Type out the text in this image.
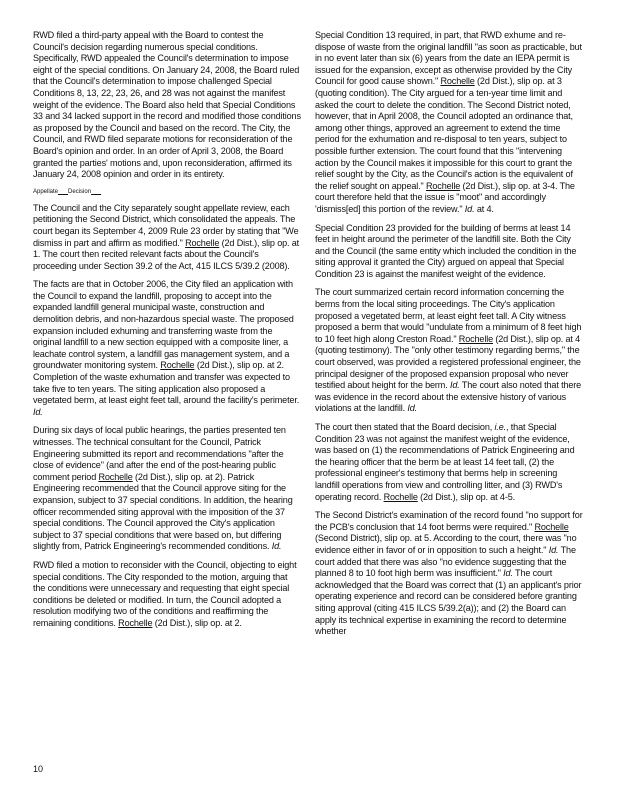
RWD filed a third-party appeal with the Board to contest the Council's decision regarding numerous special conditions. Specifically, RWD appealed the Council's determination to impose eight of the special conditions. On January 24, 2008, the Board ruled that the Council's determination to impose challenged Special Conditions 8, 13, 22, 23, 26, and 28 was not against the manifest weight of the evidence. The Board also held that Special Conditions 33 and 34 lacked support in the record and modified those conditions as proposed by the Council and based on the record. The City, the Council, and RWD filed separate motions for reconsideration of the Board's opinion and order. In an order of April 3, 2008, the Board granted the parties' motions and, upon reconsideration, affirmed its January 24, 2008 opinion and order in its entirety.

Appellate Decision

The Council and the City separately sought appellate review, each petitioning the Second District, which consolidated the appeals. The court began its September 4, 2009 Rule 23 order by stating that "We dismiss in part and affirm as modified." Rochelle (2d Dist.), slip op. at 1. The court then recited relevant facts about the Council's proceeding under Section 39.2 of the Act, 415 ILCS 5/39.2 (2008).

The facts are that in October 2006, the City filed an application with the Council to expand the landfill, proposing to accept into the expanded landfill general municipal waste, construction and demolition debris, and non-hazardous special waste. The proposed expansion included exhuming and transferring waste from the original landfill to a new section equipped with a composite liner, a leachate control system, a landfill gas management system, and a groundwater monitoring system. Rochelle (2d Dist.), slip op. at 2. Completion of the waste exhumation and transfer was expected to take five to ten years. The siting application also proposed a vegetated berm, at least eight feet tall, around the facility's perimeter. Id.

During six days of local public hearings, the parties presented ten witnesses. The technical consultant for the Council, Patrick Engineering submitted its report and recommendations "after the close of evidence" (and after the end of the post-hearing public comment period Rochelle (2d Dist.), slip op. at 2). Patrick Engineering recommended that the Council approve siting for the expansion, subject to 37 special conditions. In addition, the hearing officer recommended siting approval with the imposition of the 37 special conditions. The Council approved the City's application subject to 37 special conditions that were based on, but differing slightly from, Patrick Engineering's recommended conditions. Id.

RWD filed a motion to reconsider with the Council, objecting to eight special conditions. The City responded to the motion, arguing that the conditions were unnecessary and requesting that eight special conditions be deleted or modified. In turn, the Council adopted a resolution modifying two of the conditions and reaffirming the remaining conditions. Rochelle (2d Dist.), slip op. at 2.

Special Condition 13 required, in part, that RWD exhume and re-dispose of waste from the original landfill "as soon as practicable, but in no event later than six (6) years from the date an IEPA permit is issued for the expansion, except as otherwise provided by the City Council for good cause shown." Rochelle (2d Dist.), slip op. at 3 (quoting condition). The City argued for a ten-year time limit and asked the court to delete the condition. The Second District noted, however, that in April 2008, the Council adopted an ordinance that, among other things, approved an agreement to extend the time period for the exhumation and re-disposal to ten years, subject to possible further extension. The court found that this "intervening action by the Council makes it impossible for this court to grant the relief sought by the City, as the Council's action is the equivalent of the relief sought on appeal." Rochelle (2d Dist.), slip op. at 3-4. The court therefore held that the issue is "moot" and accordingly 'dismiss[ed] this portion of the review." Id. at 4.

Special Condition 23 provided for the building of berms at least 14 feet in height around the perimeter of the landfill site. Both the City and the Council (the same entity which included the condition in the siting approval it granted the City) argued on appeal that Special Condition 23 is against the manifest weight of the evidence.

The court summarized certain record information concerning the berms from the local siting proceedings. The City's application proposed a vegetated berm, at least eight feet tall. A City witness proposed a berm that would "undulate from a minimum of 8 feet high to 10 feet high along Creston Road." Rochelle (2d Dist.), slip op. at 4 (quoting testimony). The "only other testimony regarding berms," the court observed, was provided a registered professional engineer, the principal designer of the proposed expansion proposal who never testified about height for the berm. Id. The court also noted that there was evidence in the record about the extensive history of various violations at the landfill. Id.

The court then stated that the Board decision, i.e., that Special Condition 23 was not against the manifest weight of the evidence, was based on (1) the recommendations of Patrick Engineering and the hearing officer that the berm be at least 14 feet tall, (2) the professional engineer's testimony that berms help in screening landfill operations from view and controlling litter, and (3) RWD's operating record. Rochelle (2d Dist.), slip op. at 4-5.

The Second District's examination of the record found "no support for the PCB's conclusion that 14 foot berms were required." Rochelle (Second District), slip op. at 5. According to the court, there was "no evidence either in favor of or in opposition to such a height." Id. The court added that there was also "no evidence suggesting that the planned 8 to 10 foot high berm was insufficient." Id. The court acknowledged that the Board was correct that (1) an applicant's prior operating experience and record can be considered before granting siting approval (citing 415 ILCS 5/39.2(a)); and (2) the Board can apply its technical expertise in examining the record to determine whether

10
